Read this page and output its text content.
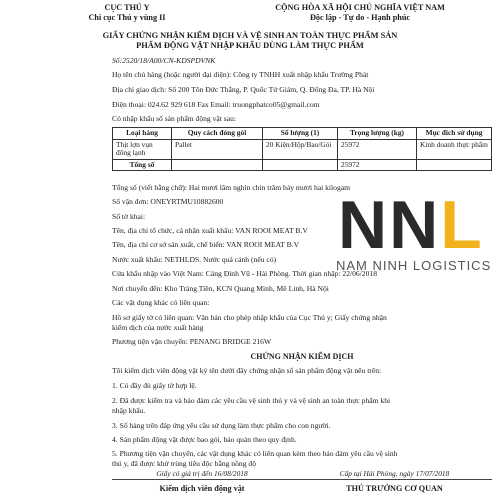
CỤC THÚ Y
Chi cục Thú y vùng II
CỘNG HÒA XÃ HỘI CHỦ NGHĨA VIỆT NAM
Độc lập - Tự do - Hạnh phúc
GIẤY CHỨNG NHẬN KIỂM DỊCH VÀ VỆ SINH AN TOÀN THỰC PHẨM SẢN
PHẨM ĐỘNG VẬT NHẬP KHẨU DÙNG LÀM THỰC PHẨM
Số:2520/18/A00/CN-KDSPDVNK
Họ tên chủ hàng (hoặc người đại diện): Công ty TNHH xuất nhập khẩu Trường Phát
Địa chỉ giao dịch: Số 200 Tôn Đức Thắng, P. Quốc Tử Giám, Q. Đống Đa, TP. Hà Nội
Điện thoại: 024.62 929 618 Fax Email: truongphatco05@gmail.com
Có nhập khẩu số sản phẩm động vật sau:
Loại hàng	Quy cách đóng gói	Số lượng (1)	Trọng lượng (kg)	Mục đích sử dụng
Thịt lợn vụn đông lạnh	Pallet	20 Kiện/Hộp/Bao/Gói	25972	Kinh doanh thực phẩm
Tổng số			25972	
Tổng số (viết bằng chữ): Hai mươi lăm nghìn chín trăm bảy mươi hai kilogam
Số vận đơn: ONEYRTMU10882600
Số tờ khai:
Tên, địa chỉ tổ chức, cá nhân xuất khẩu: VAN ROOI MEAT B.V
Tên, địa chỉ cơ sở sản xuất, chế biến: VAN ROOI MEAT B.V
Nước xuất khẩu: NETHLDS. Nước quá cảnh (nếu có)
Cửa khẩu nhập vào Việt Nam: Cảng Đình Vũ - Hải Phòng. Thời gian nhập: 22/06/2018
Nơi chuyển đến: Kho Tràng Tiền, KCN Quang Minh, Mê Linh, Hà Nội
Các vật dụng khác có liên quan:
Hồ sơ giấy tờ có liên quan: Văn bản cho phép nhập khẩu của Cục Thú y; Giấy chứng nhận
kiểm dịch của nước xuất hàng
Phương tiện vận chuyển: PENANG BRIDGE 216W
CHỨNG NHẬN KIỂM DỊCH
Tôi kiểm dịch viên động vật ký tên dưới đây chứng nhận số sản phẩm động vật nêu trên:
1. Có đầy đủ giấy tờ hợp lệ.
2. Đã được kiểm tra và bảo đảm các yêu cầu vệ sinh thú y và vệ sinh an toàn thực phẩm khi
nhập khẩu.
3. Số hàng trên đáp ứng yêu cầu sử dụng làm thực phẩm cho con người.
4. Sản phẩm động vật được bao gói, bảo quản theo quy định.
5. Phương tiện vận chuyển, các vật dụng khác có liên quan kèm theo bảo đảm yêu cầu vệ sinh
thú y, đã được khử trùng tiêu độc bằng nồng độ
Giấy có giá trị đến 16/08/2018	Cấp tại Hải Phòng, ngày 17/07/2018
Kiểm dịch viên động vật	THỦ TRƯỞNG CƠ QUAN
NNL
NAM NINH LOGISTICS
